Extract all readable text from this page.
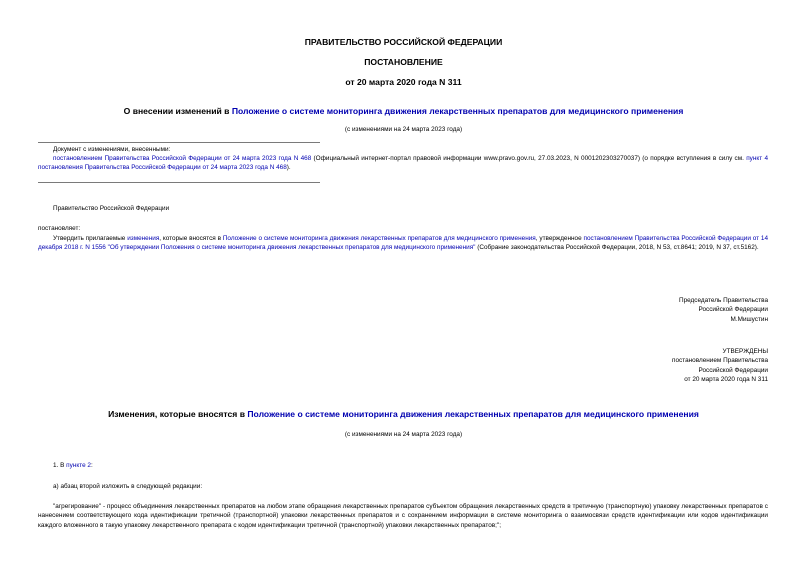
ПРАВИТЕЛЬСТВО РОССИЙСКОЙ ФЕДЕРАЦИИ
ПОСТАНОВЛЕНИЕ
от 20 марта 2020 года N 311
О внесении изменений в Положение о системе мониторинга движения лекарственных препаратов для медицинского применения
(с изменениями на 24 марта 2023 года)
Документ с изменениями, внесенными:
постановлением Правительства Российской Федерации от 24 марта 2023 года N 468 (Официальный интернет-портал правовой информации www.pravo.gov.ru, 27.03.2023, N 0001202303270037) (о порядке вступления в силу см. пункт 4 постановления Правительства Российской Федерации от 24 марта 2023 года N 468).
Правительство Российской Федерации
постановляет:
Утвердить прилагаемые изменения, которые вносятся в Положение о системе мониторинга движения лекарственных препаратов для медицинского применения, утвержденное постановлением Правительства Российской Федерации от 14 декабря 2018 г. N 1556 "Об утверждении Положения о системе мониторинга движения лекарственных препаратов для медицинского применения" (Собрание законодательства Российской Федерации, 2018, N 53, ст.8641; 2019, N 37, ст.5162).
Председатель Правительства
Российской Федерации
М.Мишустин
УТВЕРЖДЕНЫ
постановлением Правительства
Российской Федерации
от 20 марта 2020 года N 311
Изменения, которые вносятся в Положение о системе мониторинга движения лекарственных препаратов для медицинского применения
(с изменениями на 24 марта 2023 года)
1. В пункте 2:
а) абзац второй изложить в следующей редакции:
"агрегирование" - процесс объединения лекарственных препаратов на любом этапе обращения лекарственных препаратов субъектом обращения лекарственных средств в третичную (транспортную) упаковку лекарственных препаратов с нанесением соответствующего кода идентификации третичной (транспортной) упаковки лекарственных препаратов и с сохранением информации в системе мониторинга о взаимосвязи средств идентификации или кодов идентификации каждого вложенного в такую упаковку лекарственного препарата с кодом идентификации третичной (транспортной) упаковки лекарственных препаратов;";
